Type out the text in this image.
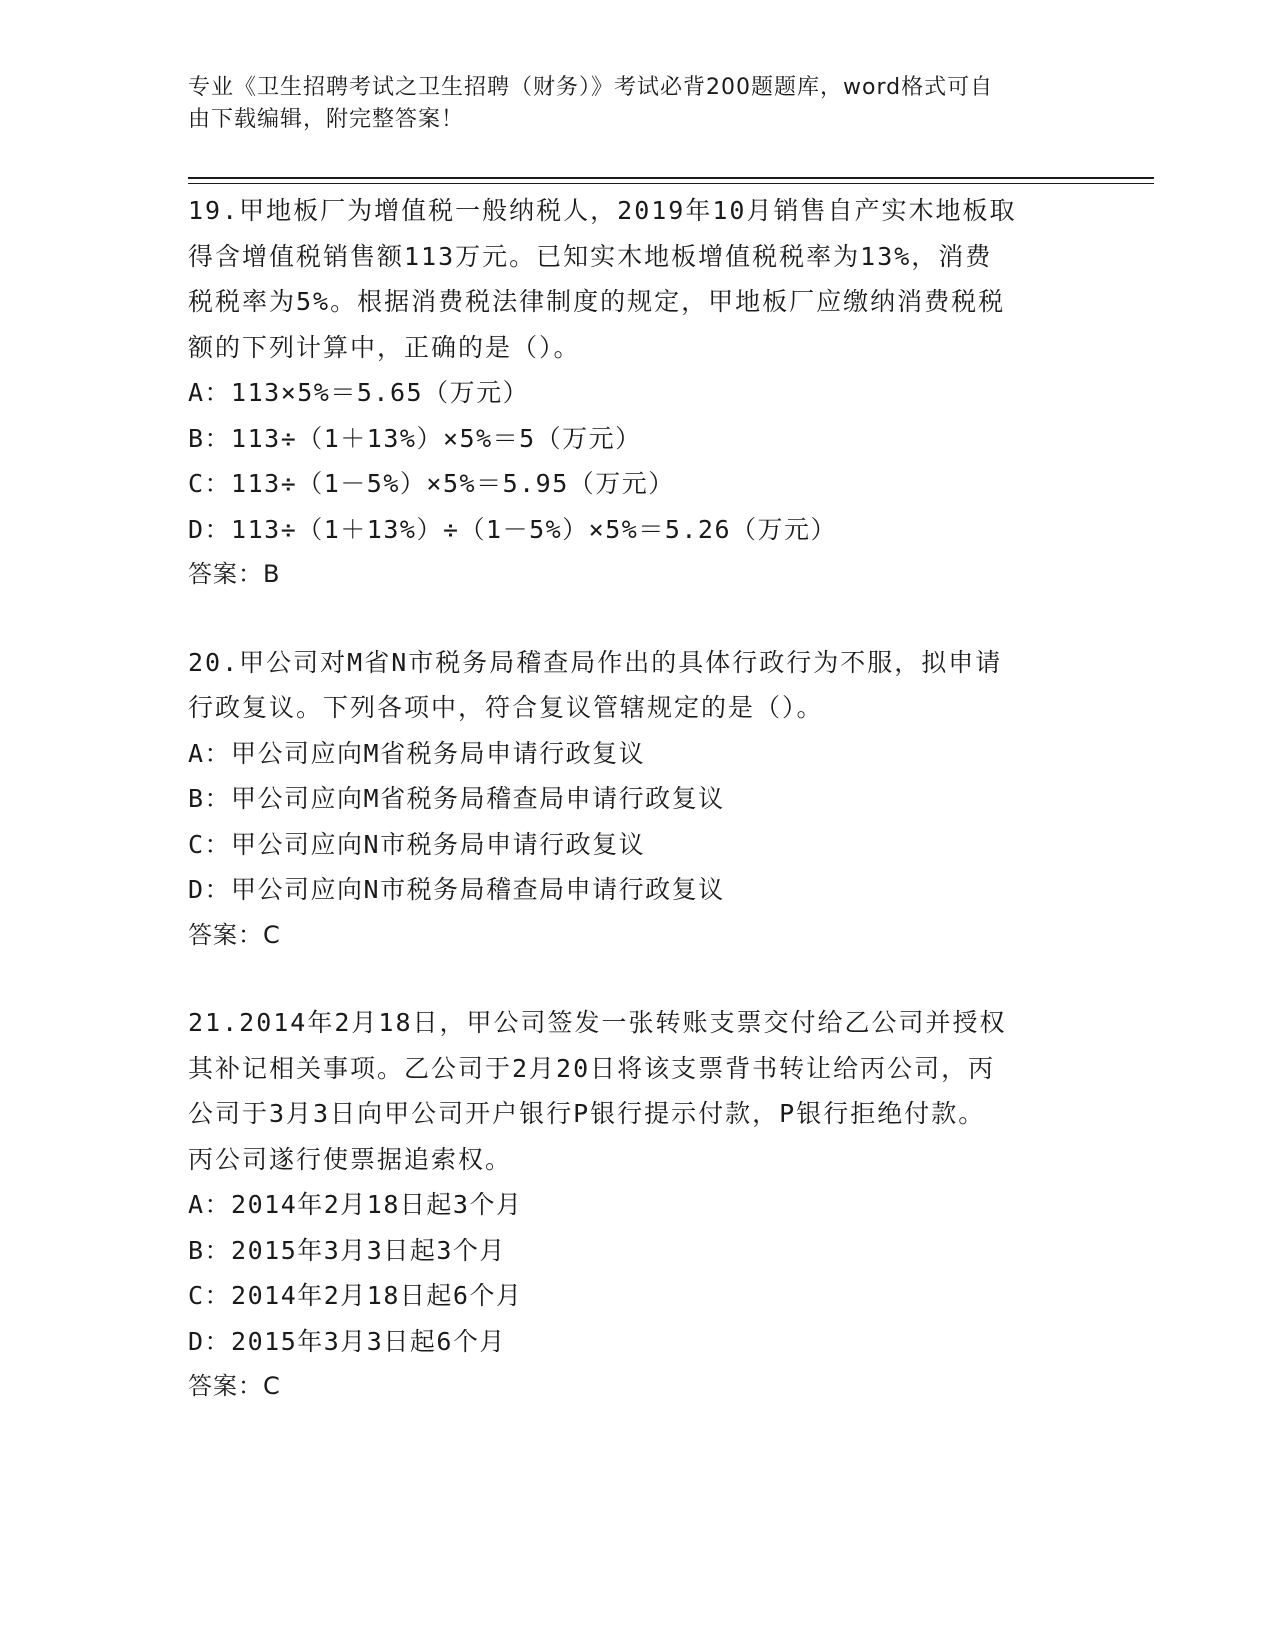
专业《卫生招聘考试之卫生招聘（财务）》考试必背200题题库，word格式可自
由下载编辑，附完整答案！

19.甲地板厂为增值税一般纳税人，2019年10月销售自产实木地板取

得含增值税销售额113万元。已知实木地板增值税税率为13%，消费

税税率为5%。根据消费税法律制度的规定，甲地板厂应缴纳消费税税

额的下列计算中，正确的是（）。

A：113×5%＝5.65（万元）

B：113÷（1＋13%）×5%＝5（万元）

C：113÷（1－5%）×5%＝5.95（万元）

D：113÷（1＋13%）÷（1－5%）×5%＝5.26（万元）

答案：B

20.甲公司对M省N市税务局稽查局作出的具体行政行为不服，拟申请

行政复议。下列各项中，符合复议管辖规定的是（）。

A：甲公司应向M省税务局申请行政复议

B：甲公司应向M省税务局稽查局申请行政复议

C：甲公司应向N市税务局申请行政复议

D：甲公司应向N市税务局稽查局申请行政复议

答案：C

21.2014年2月18日，甲公司签发一张转账支票交付给乙公司并授权

其补记相关事项。乙公司于2月20日将该支票背书转让给丙公司，丙

公司于3月3日向甲公司开户银行P银行提示付款，P银行拒绝付款。

丙公司遂行使票据追索权。

A：2014年2月18日起3个月

B：2015年3月3日起3个月

C：2014年2月18日起6个月

D：2015年3月3日起6个月

答案：C
